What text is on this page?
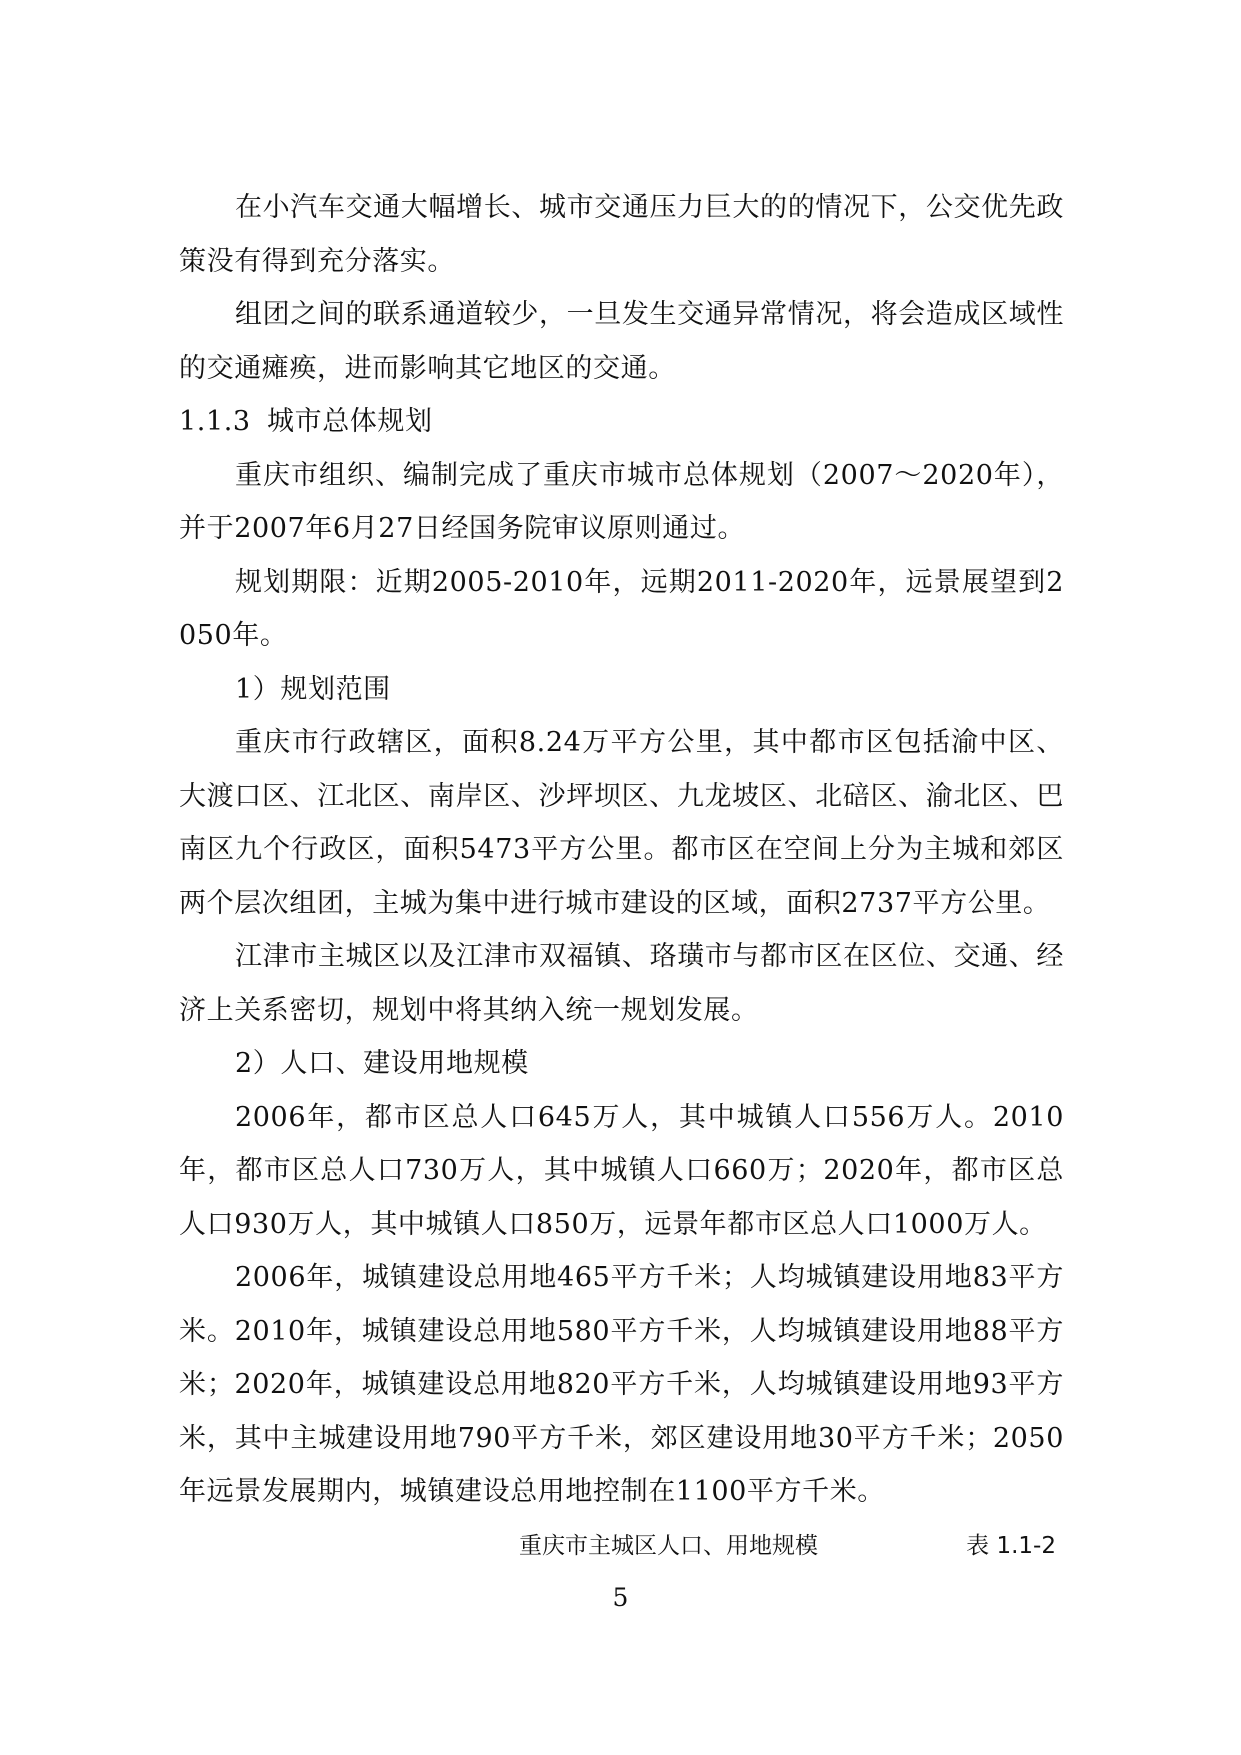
在小汽车交通大幅增长、城市交通压力巨大的的情况下，公交优先政策没有得到充分落实。

组团之间的联系通道较少，一旦发生交通异常情况，将会造成区域性的交通瘫痪，进而影响其它地区的交通。

1.1.3 城市总体规划

重庆市组织、编制完成了重庆市城市总体规划（2007～2020年），并于2007年6月27日经国务院审议原则通过。

规划期限：近期2005-2010年，远期2011-2020年，远景展望到2050年。

1）规划范围

重庆市行政辖区，面积8.24万平方公里，其中都市区包括渝中区、大渡口区、江北区、南岸区、沙坪坝区、九龙坡区、北碚区、渝北区、巴南区九个行政区，面积5473平方公里。都市区在空间上分为主城和郊区两个层次组团，主城为集中进行城市建设的区域，面积2737平方公里。

江津市主城区以及江津市双福镇、珞璜市与都市区在区位、交通、经济上关系密切，规划中将其纳入统一规划发展。

2）人口、建设用地规模

2006年，都市区总人口645万人，其中城镇人口556万人。2010年，都市区总人口730万人，其中城镇人口660万；2020年，都市区总人口930万人，其中城镇人口850万，远景年都市区总人口1000万人。

2006年，城镇建设总用地465平方千米；人均城镇建设用地83平方米。2010年，城镇建设总用地580平方千米，人均城镇建设用地88平方米；2020年，城镇建设总用地820平方千米，人均城镇建设用地93平方米，其中主城建设用地790平方千米，郊区建设用地30平方千米；2050年远景发展期内，城镇建设总用地控制在1100平方千米。

重庆市主城区人口、用地规模	表 1.1-2
5
